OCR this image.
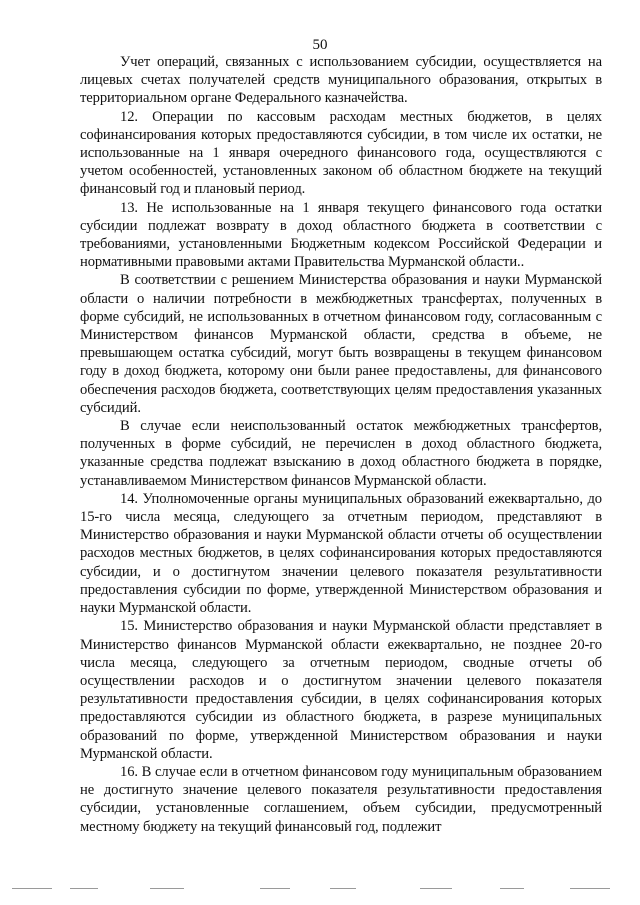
50

Учет операций, связанных с использованием субсидии, осуществляется на лицевых счетах получателей средств муниципального образования, открытых в территориальном органе Федерального казначейства.

12. Операции по кассовым расходам местных бюджетов, в целях софинансирования которых предоставляются субсидии, в том числе их остатки, не использованные на 1 января очередного финансового года, осуществляются с учетом особенностей, установленных законом об областном бюджете на текущий финансовый год и плановый период.

13. Не использованные на 1 января текущего финансового года остатки субсидии подлежат возврату в доход областного бюджета в соответствии с требованиями, установленными Бюджетным кодексом Российской Федерации и нормативными правовыми актами Правительства Мурманской области..

В соответствии с решением Министерства образования и науки Мурманской области о наличии потребности в межбюджетных трансфертах, полученных в форме субсидий, не использованных в отчетном финансовом году, согласованным с Министерством финансов Мурманской области, средства в объеме, не превышающем остатка субсидий, могут быть возвращены в текущем финансовом году в доход бюджета, которому они были ранее предоставлены, для финансового обеспечения расходов бюджета, соответствующих целям предоставления указанных субсидий.

В случае если неиспользованный остаток межбюджетных трансфертов, полученных в форме субсидий, не перечислен в доход областного бюджета, указанные средства подлежат взысканию в доход областного бюджета в порядке, устанавливаемом Министерством финансов Мурманской области.

14. Уполномоченные органы муниципальных образований ежеквартально, до 15-го числа месяца, следующего за отчетным периодом, представляют в Министерство образования и науки Мурманской области отчеты об осуществлении расходов местных бюджетов, в целях софинансирования которых предоставляются субсидии, и о достигнутом значении целевого показателя результативности предоставления субсидии по форме, утвержденной Министерством образования и науки Мурманской области.

15. Министерство образования и науки Мурманской области представляет в Министерство финансов Мурманской области ежеквартально, не позднее 20-го числа месяца, следующего за отчетным периодом, сводные отчеты об осуществлении расходов и о достигнутом значении целевого показателя результативности предоставления субсидии, в целях софинансирования которых предоставляются субсидии из областного бюджета, в разрезе муниципальных образований по форме, утвержденной Министерством образования и науки Мурманской области.

16. В случае если в отчетном финансовом году муниципальным образованием не достигнуто значение целевого показателя результативности предоставления субсидии, установленные соглашением, объем субсидии, предусмотренный местному бюджету на текущий финансовый год, подлежит
